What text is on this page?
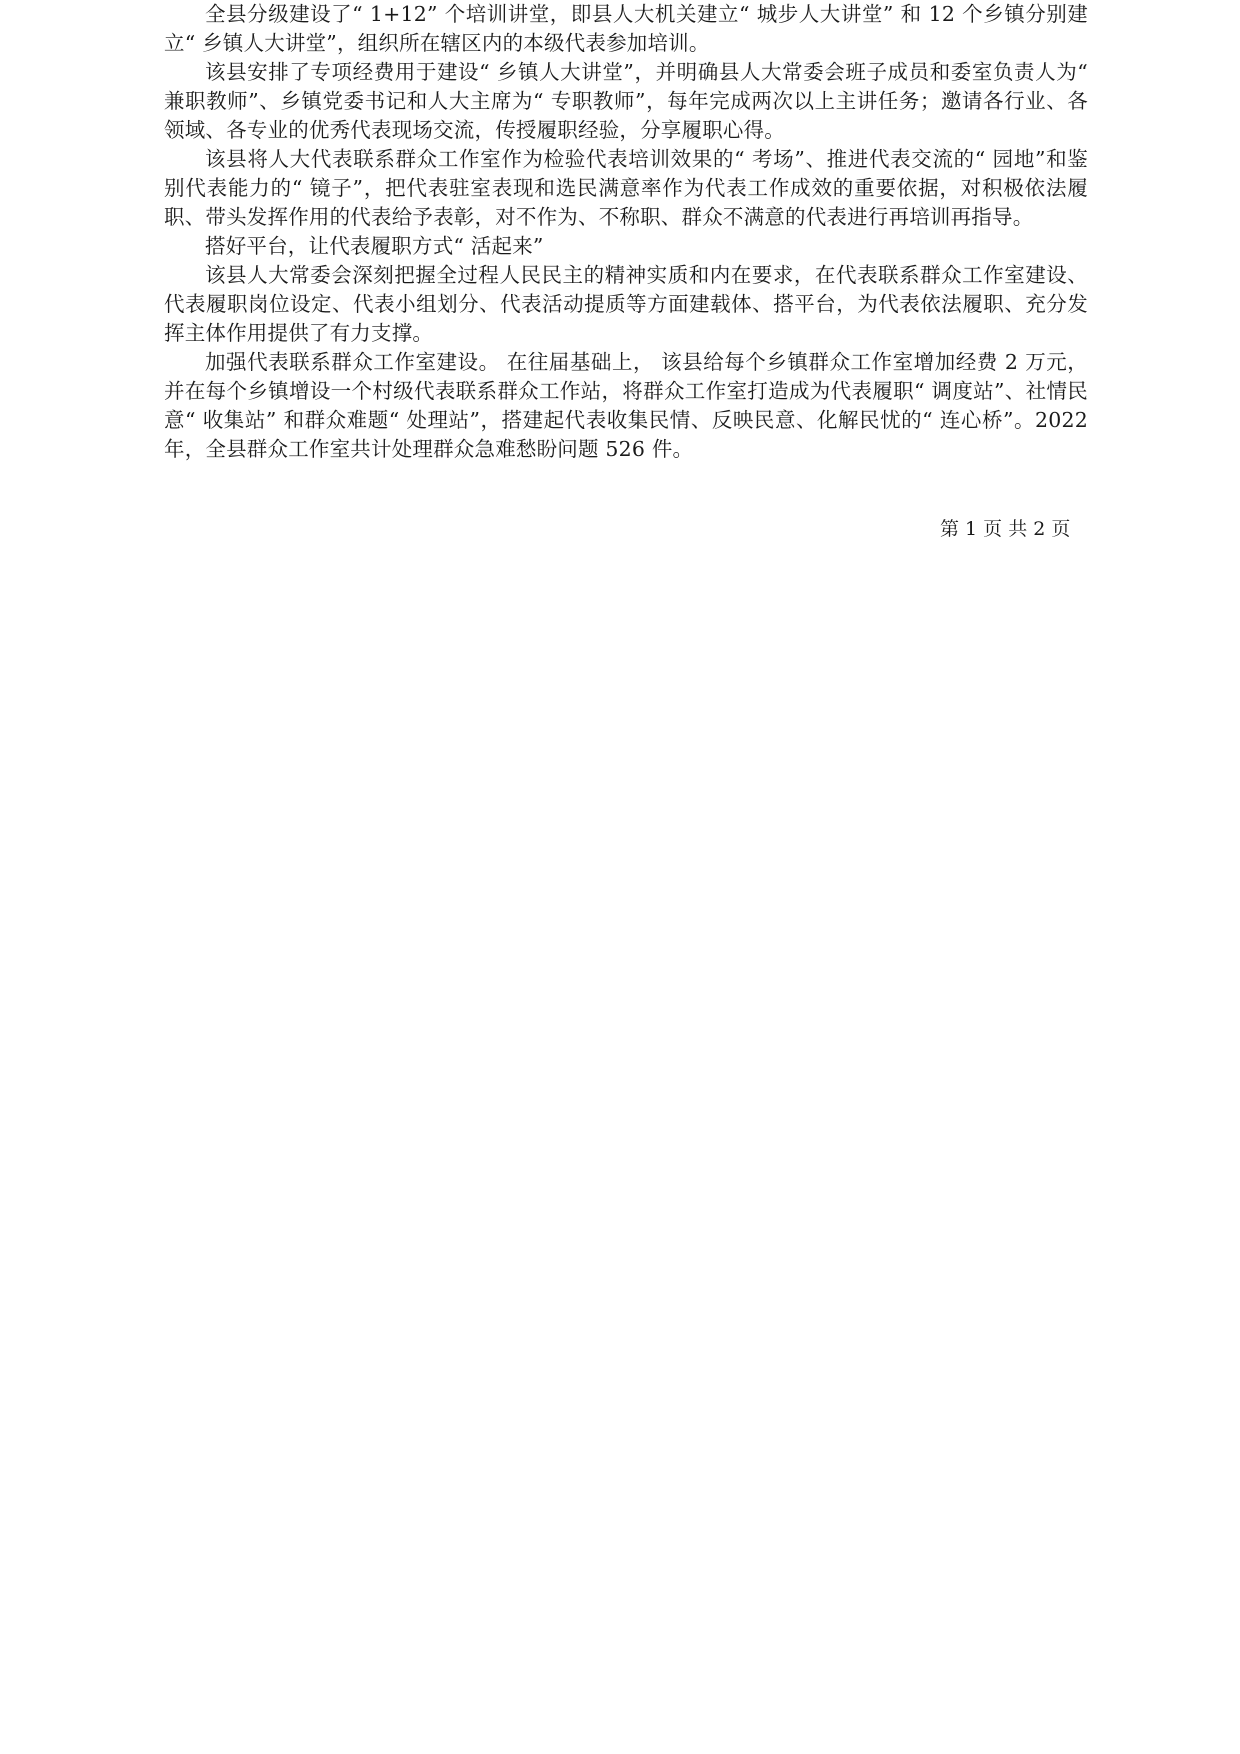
全县分级建设了“ 1+12” 个培训讲堂，即县人大机关建立“ 城步人大讲堂” 和 12 个乡镇分别建立“ 乡镇人大讲堂”，组织所在辖区内的本级代表参加培训。

该县安排了专项经费用于建设“ 乡镇人大讲堂”，并明确县人大常委会班子成员和委室负责人为“ 兼职教师”、乡镇党委书记和人大主席为“ 专职教师”，每年完成两次以上主讲任务；邀请各行业、各领域、各专业的优秀代表现场交流，传授履职经验，分享履职心得。

该县将人大代表联系群众工作室作为检验代表培训效果的“ 考场”、推进代表交流的“ 园地”和鉴别代表能力的“ 镜子”，把代表驻室表现和选民满意率作为代表工作成效的重要依据，对积极依法履职、带头发挥作用的代表给予表彰，对不作为、不称职、群众不满意的代表进行再培训再指导。

搭好平台，让代表履职方式“ 活起来”

该县人大常委会深刻把握全过程人民民主的精神实质和内在要求，在代表联系群众工作室建设、代表履职岗位设定、代表小组划分、代表活动提质等方面建载体、搭平台，为代表依法履职、充分发挥主体作用提供了有力支撑。

加强代表联系群众工作室建设。 在往届基础上， 该县给每个乡镇群众工作室增加经费 2 万元，并在每个乡镇增设一个村级代表联系群众工作站，将群众工作室打造成为代表履职“ 调度站”、社情民意“ 收集站” 和群众难题“ 处理站”，搭建起代表收集民情、反映民意、化解民忧的“ 连心桥”。2022 年，全县群众工作室共计处理群众急难愁盼问题 526 件。

第 1 页 共 2 页
